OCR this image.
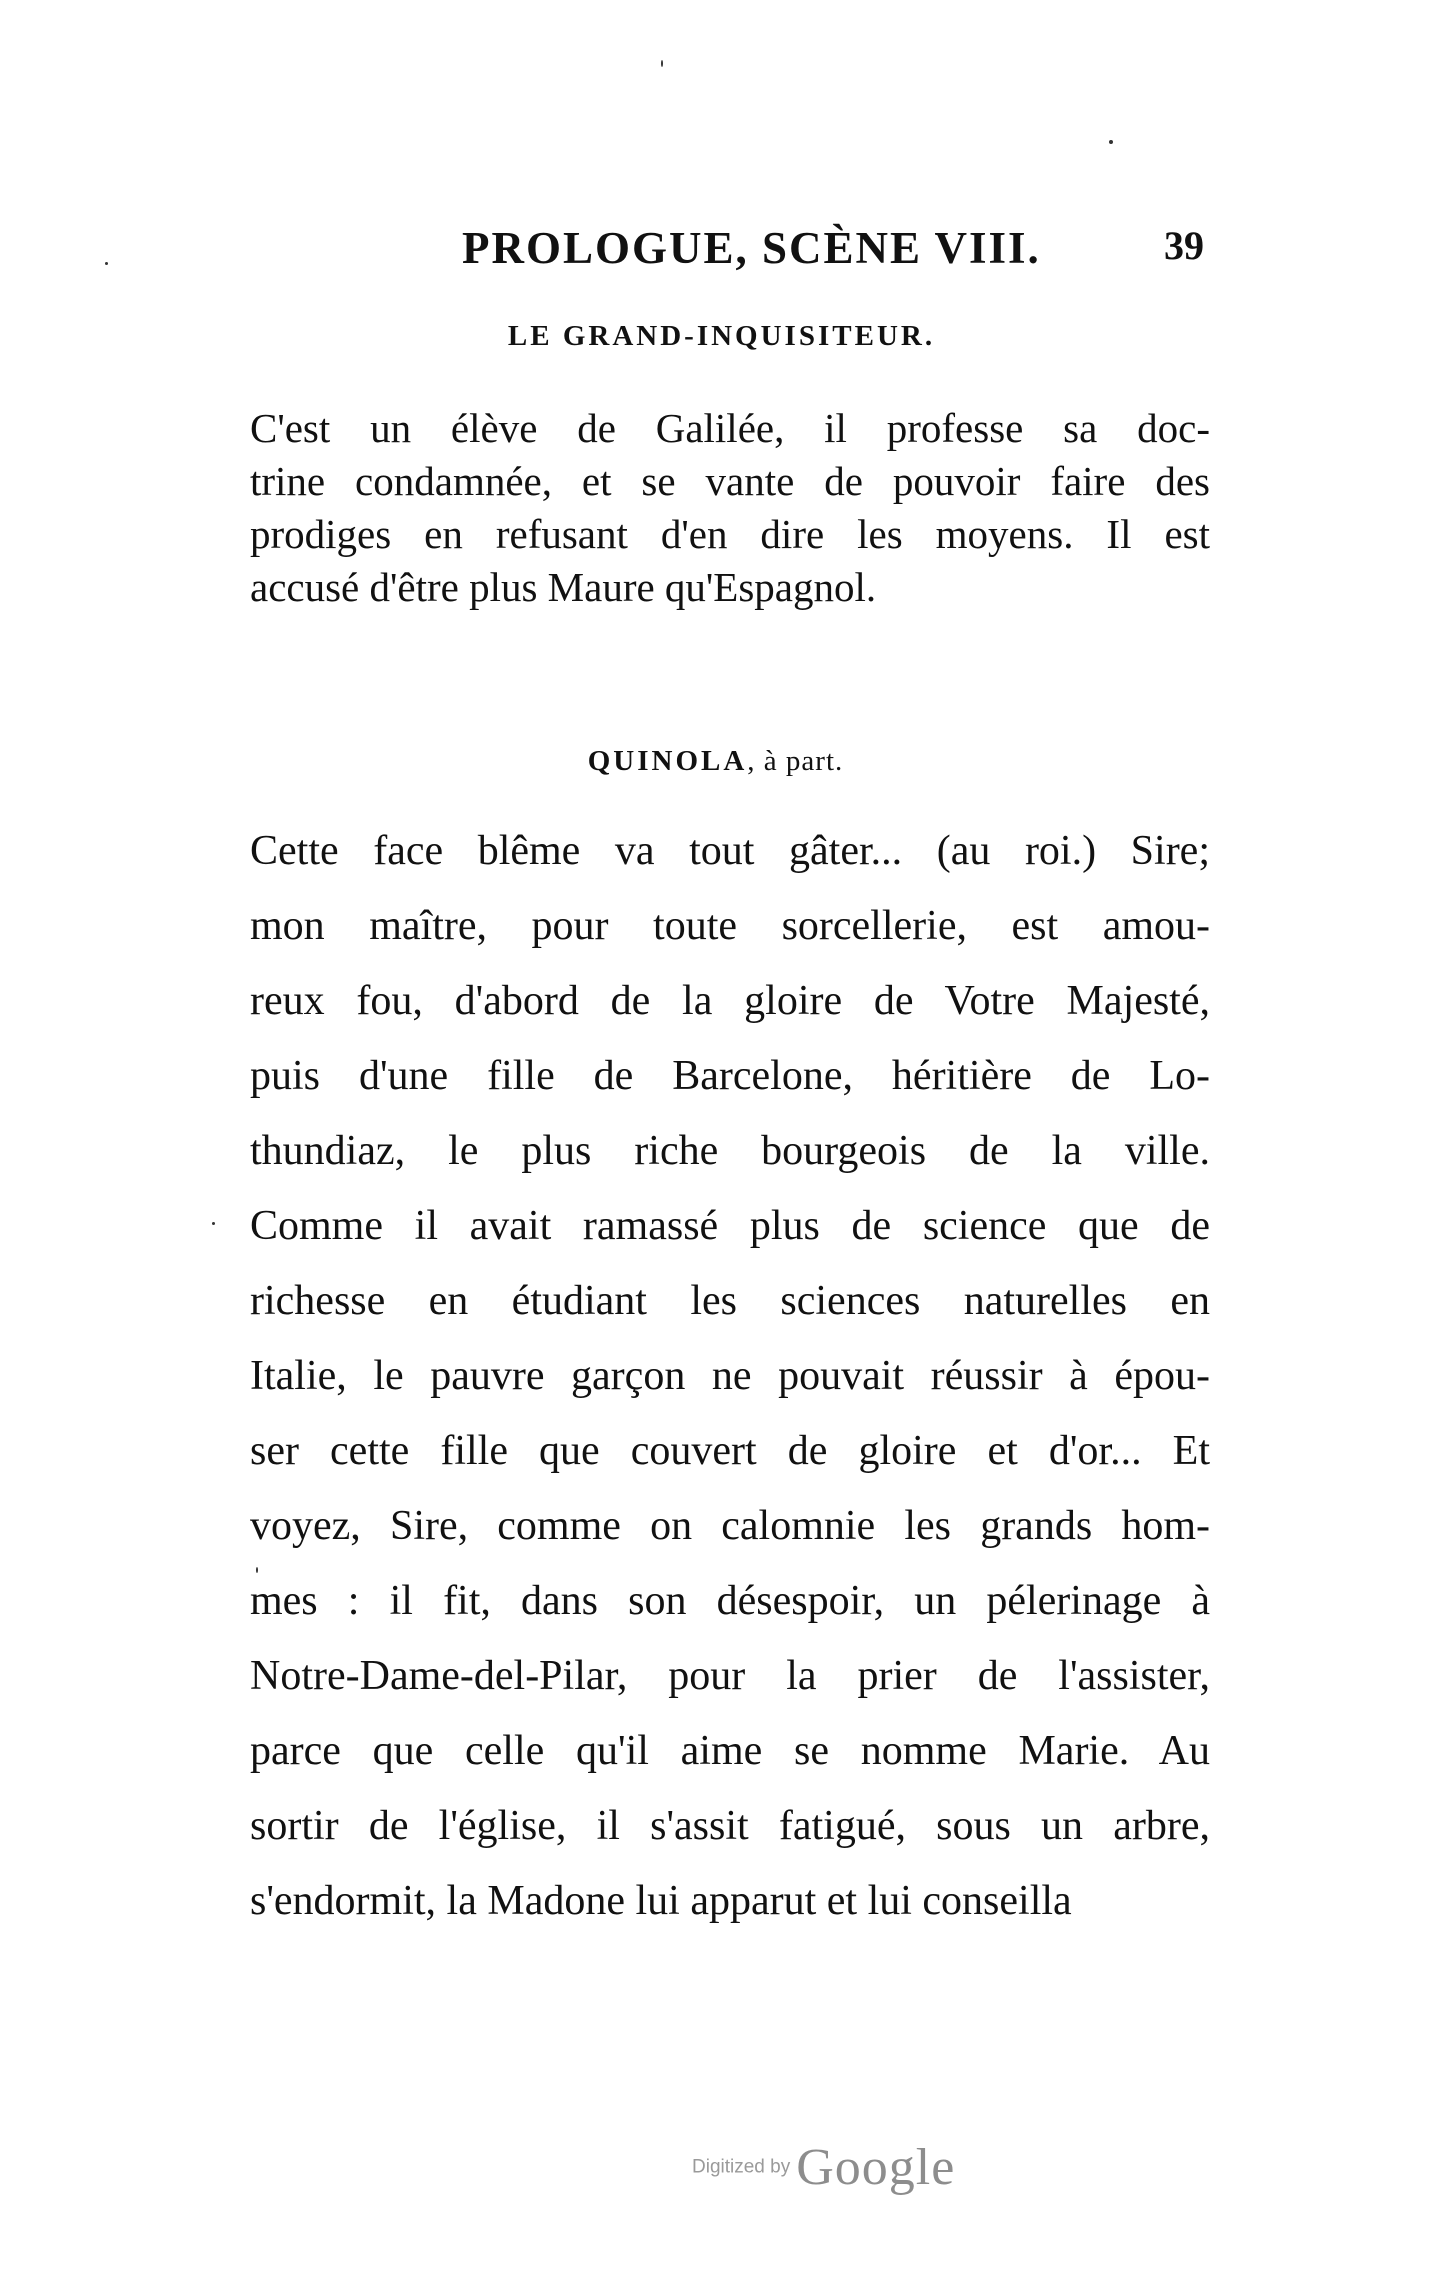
PROLOGUE, SCÈNE VIII.	39
LE GRAND-INQUISITEUR.
C'est un élève de Galilée, il professe sa doc-
trine condamnée, et se vante de pouvoir faire des
prodiges en refusant d'en dire les moyens. Il est
accusé d'être plus Maure qu'Espagnol.
QUINOLA, à part.
Cette face blême va tout gâter... (au roi.) Sire;
mon maître, pour toute sorcellerie, est amou-
reux fou, d'abord de la gloire de Votre Majesté,
puis d'une fille de Barcelone, héritière de Lo-
thundiaz, le plus riche bourgeois de la ville.
Comme il avait ramassé plus de science que de
richesse en étudiant les sciences naturelles en
Italie, le pauvre garçon ne pouvait réussir à épou-
ser cette fille que couvert de gloire et d'or... Et
voyez, Sire, comme on calomnie les grands hom-
mes : il fit, dans son désespoir, un pélerinage à
Notre-Dame-del-Pilar, pour la prier de l'assister,
parce que celle qu'il aime se nomme Marie. Au
sortir de l'église, il s'assit fatigué, sous un arbre,
s'endormit, la Madone lui apparut et lui conseilla
Digitized by Google
